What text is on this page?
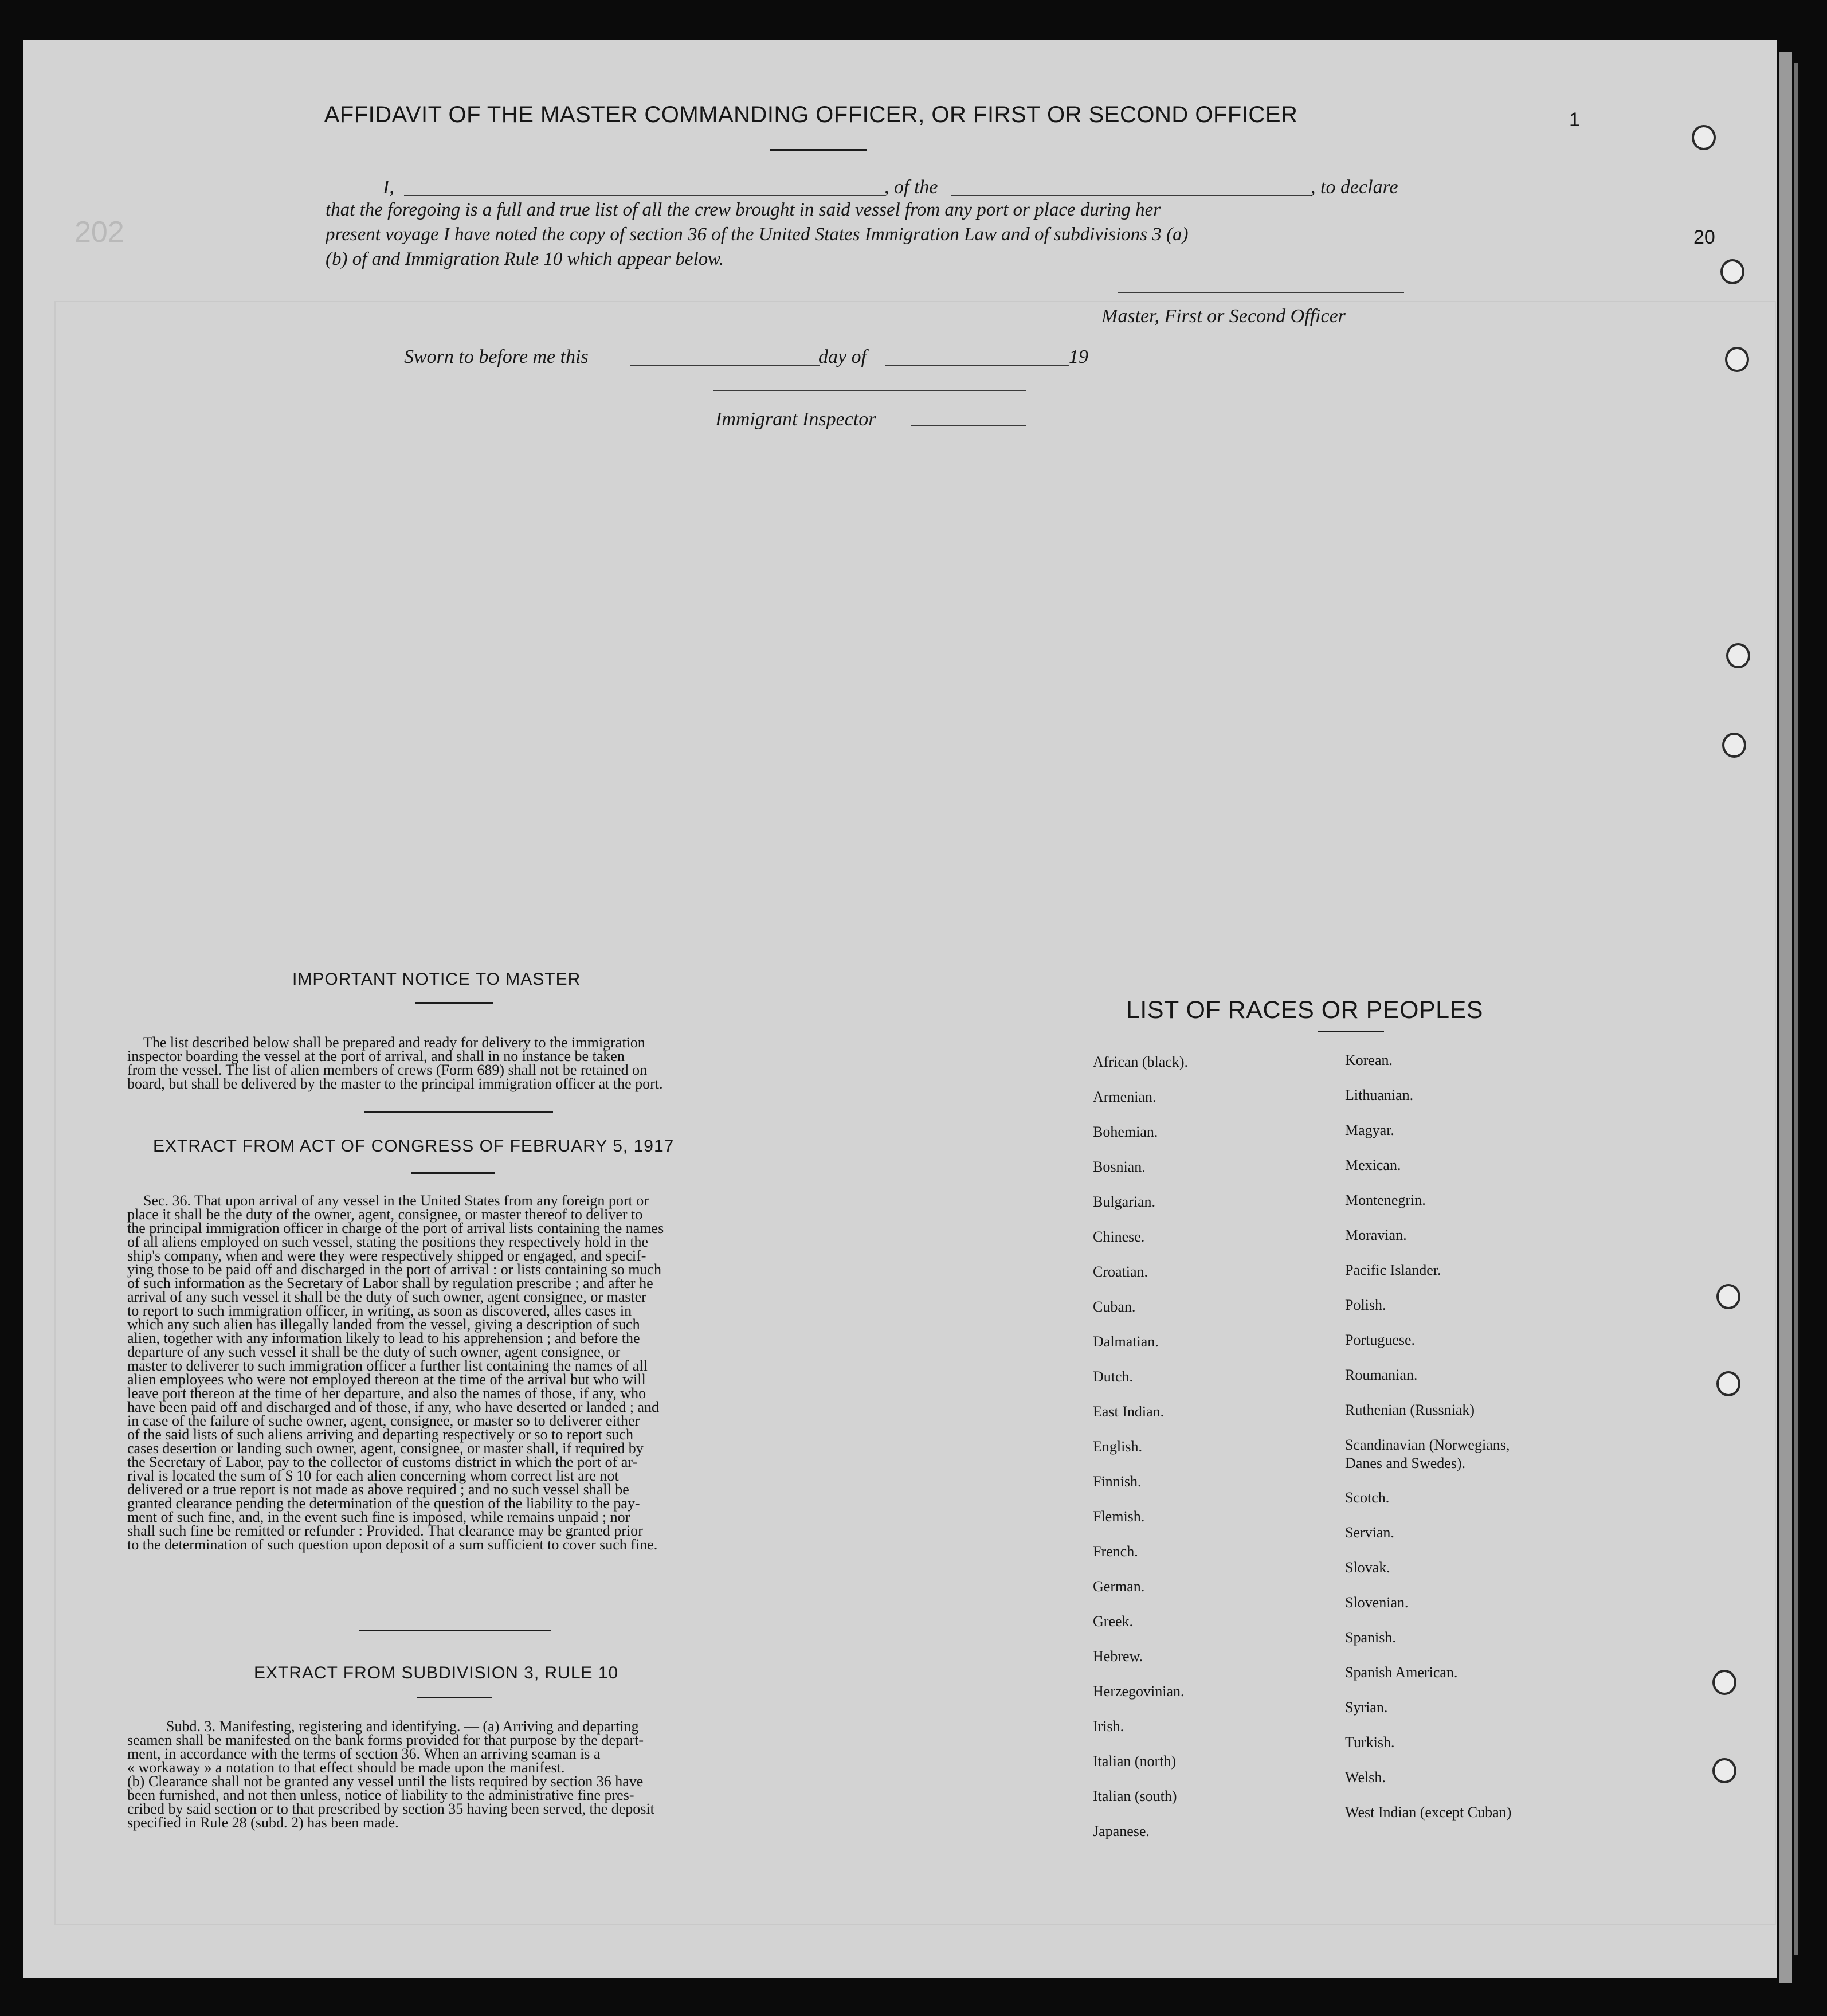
202
1
20
AFFIDAVIT OF THE MASTER COMMANDING OFFICER, OR FIRST OR SECOND OFFICER
I,	, of the	, to declare
that the foregoing is a full and true list of all the crew brought in said vessel from any port or place during her
present voyage I have noted the copy of section 36 of the United States Immigration Law and of subdivisions 3 (a)
(b) of and Immigration Rule 10 which appear below.
Master, First or Second Officer
Sworn to before me this	day of	19
Immigrant Inspector
IMPORTANT NOTICE TO MASTER
The list described below shall be prepared and ready for delivery to the immigration
inspector boarding the vessel at the port of arrival, and shall in no instance be taken
from the vessel. The list of alien members of crews (Form 689) shall not be retained on
board, but shall be delivered by the master to the principal immigration officer at the port.
EXTRACT FROM ACT OF CONGRESS OF FEBRUARY 5, 1917
Sec. 36. That upon arrival of any vessel in the United States from any foreign port or
place it shall be the duty of the owner, agent, consignee, or master thereof to deliver to
the principal immigration officer in charge of the port of arrival lists containing the names
of all aliens employed on such vessel, stating the positions they respectively hold in the
ship's company, when and were they were respectively shipped or engaged, and specif-
ying those to be paid off and discharged in the port of arrival : or lists containing so much
of such information as the Secretary of Labor shall by regulation prescribe ; and after he
arrival of any such vessel it shall be the duty of such owner, agent consignee, or master
to report to such immigration officer, in writing, as soon as discovered, alles cases in
which any such alien has illegally landed from the vessel, giving a description of such
alien, together with any information likely to lead to his apprehension ; and before the
departure of any such vessel it shall be the duty of such owner, agent consignee, or
master to deliverer to such immigration officer a further list containing the names of all
alien employees who were not employed thereon at the time of the arrival but who will
leave port thereon at the time of her departure, and also the names of those, if any, who
have been paid off and discharged and of those, if any, who have deserted or landed ; and
in case of the failure of suche owner, agent, consignee, or master so to deliverer either
of the said lists of such aliens arriving and departing respectively or so to report such
cases desertion or landing such owner, agent, consignee, or master shall, if required by
the Secretary of Labor, pay to the collector of customs district in which the port of ar-
rival is located the sum of $ 10 for each alien concerning whom correct list are not
delivered or a true report is not made as above required ; and no such vessel shall be
granted clearance pending the determination of the question of the liability to the pay-
ment of such fine, and, in the event such fine is imposed, while remains unpaid ; nor
shall such fine be remitted or refunder : Provided. That clearance may be granted prior
to the determination of such question upon deposit of a sum sufficient to cover such fine.
EXTRACT FROM SUBDIVISION 3, RULE 10
Subd. 3. Manifesting, registering and identifying. — (a) Arriving and departing
seamen shall be manifested on the bank forms provided for that purpose by the depart-
ment, in accordance with the terms of section 36. When an arriving seaman is a
« workaway » a notation to that effect should be made upon the manifest.
(b) Clearance shall not be granted any vessel until the lists required by section 36 have
been furnished, and not then unless, notice of liability to the administrative fine pres-
cribed by said section or to that prescribed by section 35 having been served, the deposit
specified in Rule 28 (subd. 2) has been made.
LIST OF RACES OR PEOPLES
African (black).
Armenian.
Bohemian.
Bosnian.
Bulgarian.
Chinese.
Croatian.
Cuban.
Dalmatian.
Dutch.
East Indian.
English.
Finnish.
Flemish.
French.
German.
Greek.
Hebrew.
Herzegovinian.
Irish.
Italian (north)
Italian (south)
Japanese.
Korean.
Lithuanian.
Magyar.
Mexican.
Montenegrin.
Moravian.
Pacific Islander.
Polish.
Portuguese.
Roumanian.
Ruthenian (Russniak)
Scandinavian (Norwegians,
Danes and Swedes).
Scotch.
Servian.
Slovak.
Slovenian.
Spanish.
Spanish American.
Syrian.
Turkish.
Welsh.
West Indian (except Cuban)
